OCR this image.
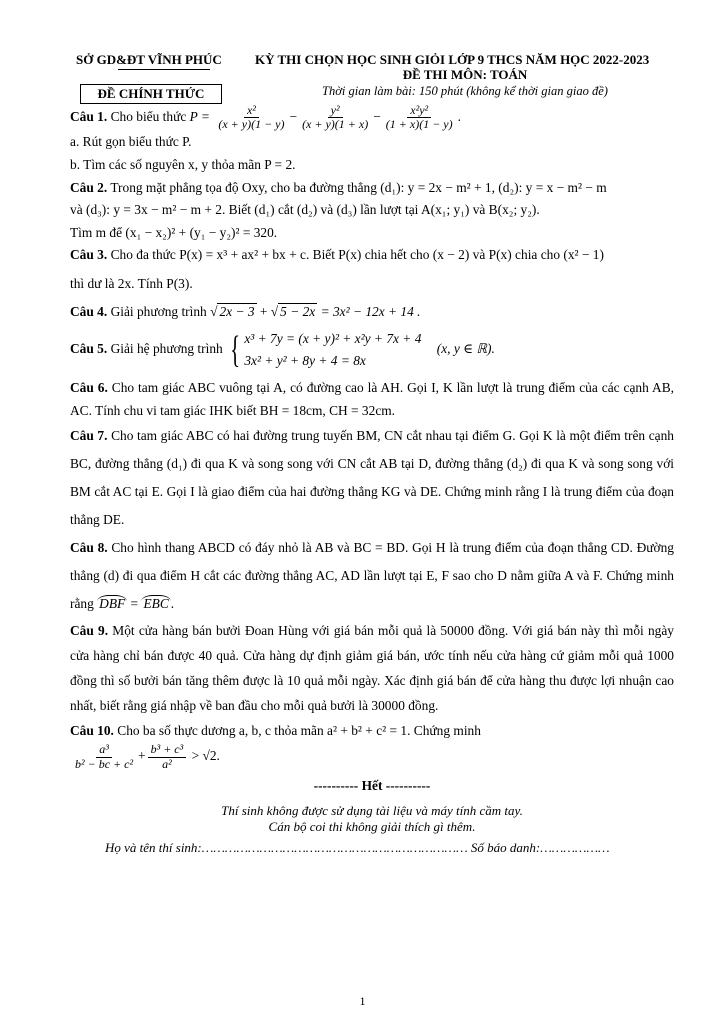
SỞ GD&ĐT VĨNH PHÚC
ĐỀ CHÍNH THỨC
KỲ THI CHỌN HỌC SINH GIỎI LỚP 9 THCS NĂM HỌC 2022-2023
ĐỀ THI MÔN: TOÁN
Thời gian làm bài: 150 phút (không kể thời gian giao đề)

Câu 1. Cho biểu thức $P = \frac{\text{x²}}{(x + y)(1 - y)} - \frac{\text{y²}}{(x + y)(1 + x)} - \frac{\text{x²y²}}{(1 + x)(1 - y)}$ .

a. Rút gọn biểu thức P.

b. Tìm các số nguyên x, y thỏa mãn P = 2.

Câu 2. Trong mặt phẳng tọa độ Oxy, cho ba đường thẳng (d₁): y = 2x − m² + 1, (d₂): y = x − m² − m

và (d₃): y = 3x − m² − m + 2. Biết (d₁) cắt (d₂) và (d₃) lần lượt tại A(x₁; y₁) và B(x₂; y₂).

Tìm m để (x₁ − x₂)² + (y₁ − y₂)² = 320.

Câu 3. Cho đa thức P(x) = x³ + ax² + bx + c. Biết P(x) chia hết cho (x − 2) và P(x) chia cho (x² − 1)

thì dư là 2x. Tính P(3).

Câu 4. Giải phương trình √ 2x − 3 + √ 5 − 2x = 3x² − 12x + 14 .

Câu 5. Giải hệ phương trình { x³ + 7y = (x + y)² + x²y + 7x + 4
3x² + y² + 8y + 4 = 8x
(x, y ∈ ℝ).

Câu 6. Cho tam giác ABC vuông tại A, có đường cao là AH. Gọi I, K lần lượt là trung điểm của các cạnh AB, AC. Tính chu vi tam giác IHK biết BH = 18cm, CH = 32cm.

Câu 7. Cho tam giác ABC có hai đường trung tuyến BM, CN cắt nhau tại điểm G. Gọi K là một điểm trên cạnh BC, đường thẳng (d₁) đi qua K và song song với CN cắt AB tại D, đường thẳng (d₂) đi qua K và song song với BM cắt AC tại E. Gọi I là giao điểm của hai đường thẳng KG và DE. Chứng minh rằng I là trung điểm của đoạn thẳng DE.

Câu 8. Cho hình thang ABCD có đáy nhỏ là AB và BC = BD. Gọi H là trung điểm của đoạn thẳng CD. Đường thẳng (d) đi qua điểm H cắt các đường thẳng AC, AD lần lượt tại E, F sao cho D nằm giữa A và F. Chứng minh rằng DBF = EBC .

Câu 9. Một cửa hàng bán bưởi Đoan Hùng với giá bán mỗi quả là 50000 đồng. Với giá bán này thì mỗi ngày cửa hàng chỉ bán được 40 quả. Cửa hàng dự định giảm giá bán, ước tính nếu cửa hàng cứ giảm mỗi quả 1000 đồng thì số bưởi bán tăng thêm được là 10 quả mỗi ngày. Xác định giá bán để cửa hàng thu được lợi nhuận cao nhất, biết rằng giá nhập về ban đầu cho mỗi quả bưởi là 30000 đồng.

Câu 10. Cho ba số thực dương a, b, c thỏa mãn a² + b² + c² = 1. Chứng minh

$\frac{\text{a³}}{\text{b² − bc + c²}} + \frac{\text{b³ + c³}}{\text{a²}} > √2$.

---------- Hết ----------
Thí sinh không được sử dụng tài liệu và máy tính cầm tay.
Cán bộ coi thi không giải thích gì thêm.
Họ và tên thí sinh:…………………………………………………………… Số báo danh:………………
1
